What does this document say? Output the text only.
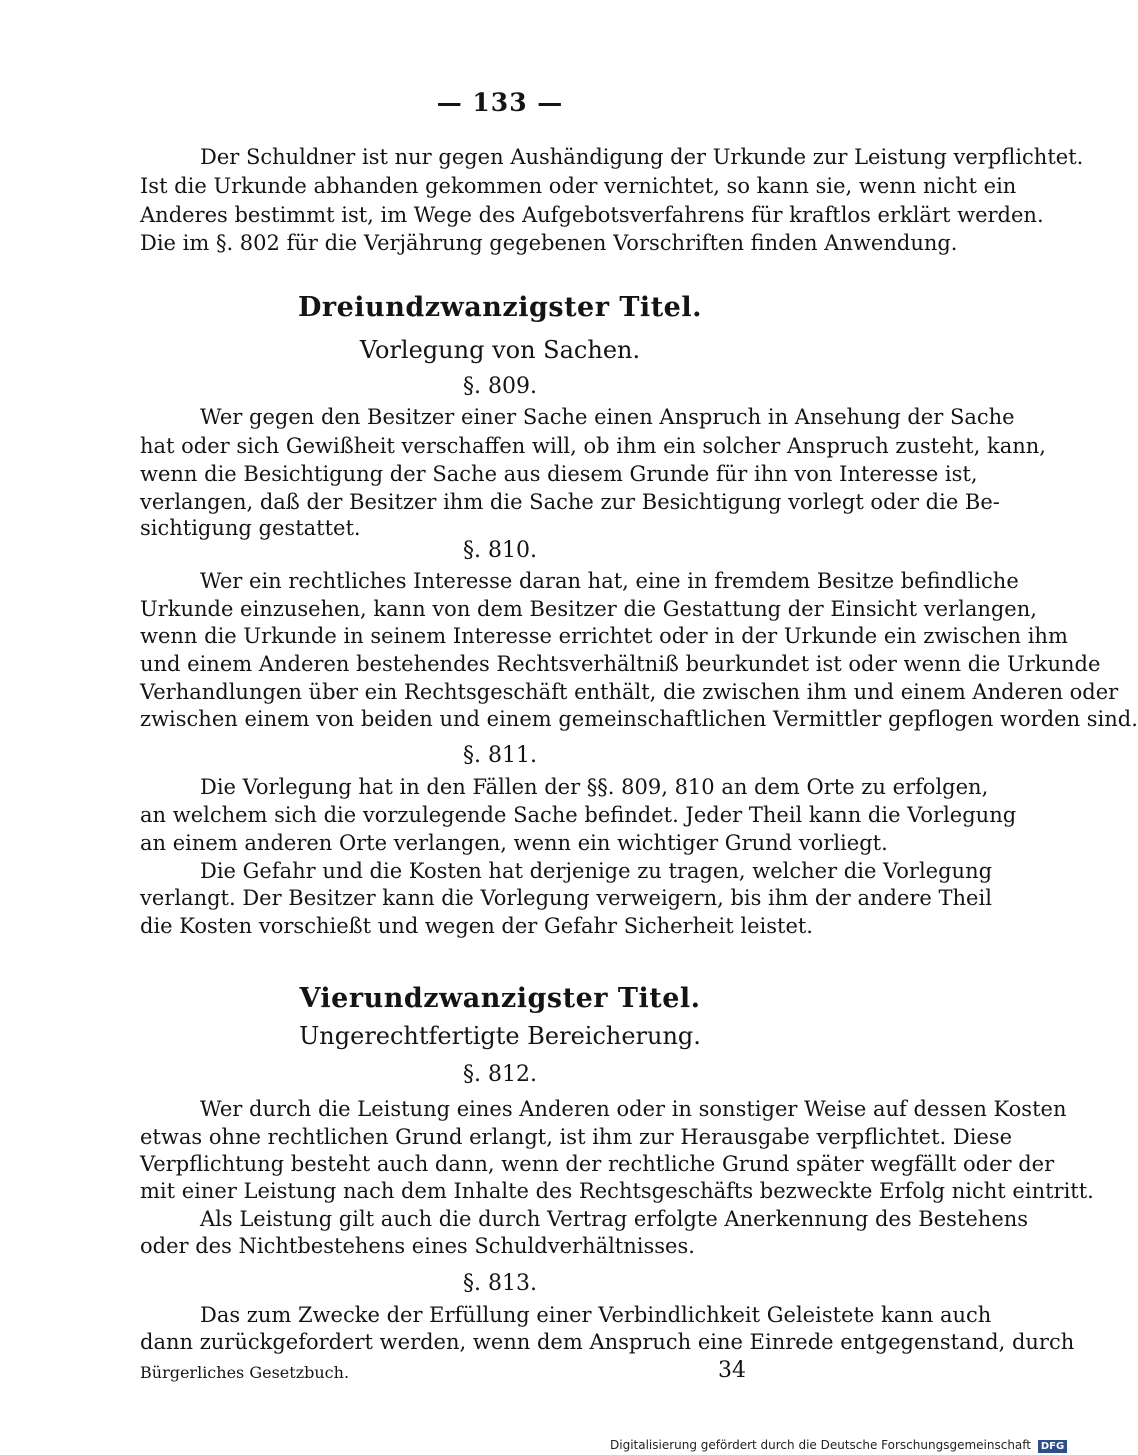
— 133 —

Der Schuldner ist nur gegen Aushändigung der Urkunde zur Leistung verpflichtet.

Ist die Urkunde abhanden gekommen oder vernichtet, so kann sie, wenn nicht ein

Anderes bestimmt ist, im Wege des Aufgebotsverfahrens für kraftlos erklärt werden.

Die im §. 802 für die Verjährung gegebenen Vorschriften finden Anwendung.

Dreiundzwanzigster Titel.
Vorlegung von Sachen.
§. 809.

Wer gegen den Besitzer einer Sache einen Anspruch in Ansehung der Sache

hat oder sich Gewißheit verschaffen will, ob ihm ein solcher Anspruch zusteht, kann,

wenn die Besichtigung der Sache aus diesem Grunde für ihn von Interesse ist,

verlangen, daß der Besitzer ihm die Sache zur Besichtigung vorlegt oder die Be-

sichtigung gestattet.

§. 810.

Wer ein rechtliches Interesse daran hat, eine in fremdem Besitze befindliche

Urkunde einzusehen, kann von dem Besitzer die Gestattung der Einsicht verlangen,

wenn die Urkunde in seinem Interesse errichtet oder in der Urkunde ein zwischen ihm

und einem Anderen bestehendes Rechtsverhältniß beurkundet ist oder wenn die Urkunde

Verhandlungen über ein Rechtsgeschäft enthält, die zwischen ihm und einem Anderen oder

zwischen einem von beiden und einem gemeinschaftlichen Vermittler gepflogen worden sind.

§. 811.

Die Vorlegung hat in den Fällen der §§. 809, 810 an dem Orte zu erfolgen,

an welchem sich die vorzulegende Sache befindet. Jeder Theil kann die Vorlegung

an einem anderen Orte verlangen, wenn ein wichtiger Grund vorliegt.

Die Gefahr und die Kosten hat derjenige zu tragen, welcher die Vorlegung

verlangt. Der Besitzer kann die Vorlegung verweigern, bis ihm der andere Theil

die Kosten vorschießt und wegen der Gefahr Sicherheit leistet.

Vierundzwanzigster Titel.
Ungerechtfertigte Bereicherung.
§. 812.

Wer durch die Leistung eines Anderen oder in sonstiger Weise auf dessen Kosten

etwas ohne rechtlichen Grund erlangt, ist ihm zur Herausgabe verpflichtet. Diese

Verpflichtung besteht auch dann, wenn der rechtliche Grund später wegfällt oder der

mit einer Leistung nach dem Inhalte des Rechtsgeschäfts bezweckte Erfolg nicht eintritt.

Als Leistung gilt auch die durch Vertrag erfolgte Anerkennung des Bestehens

oder des Nichtbestehens eines Schuldverhältnisses.

§. 813.

Das zum Zwecke der Erfüllung einer Verbindlichkeit Geleistete kann auch

dann zurückgefordert werden, wenn dem Anspruch eine Einrede entgegenstand, durch

Bürgerliches Gesetzbuch.	34
Digitalisierung gefördert durch die Deutsche Forschungsgemeinschaft DFG
